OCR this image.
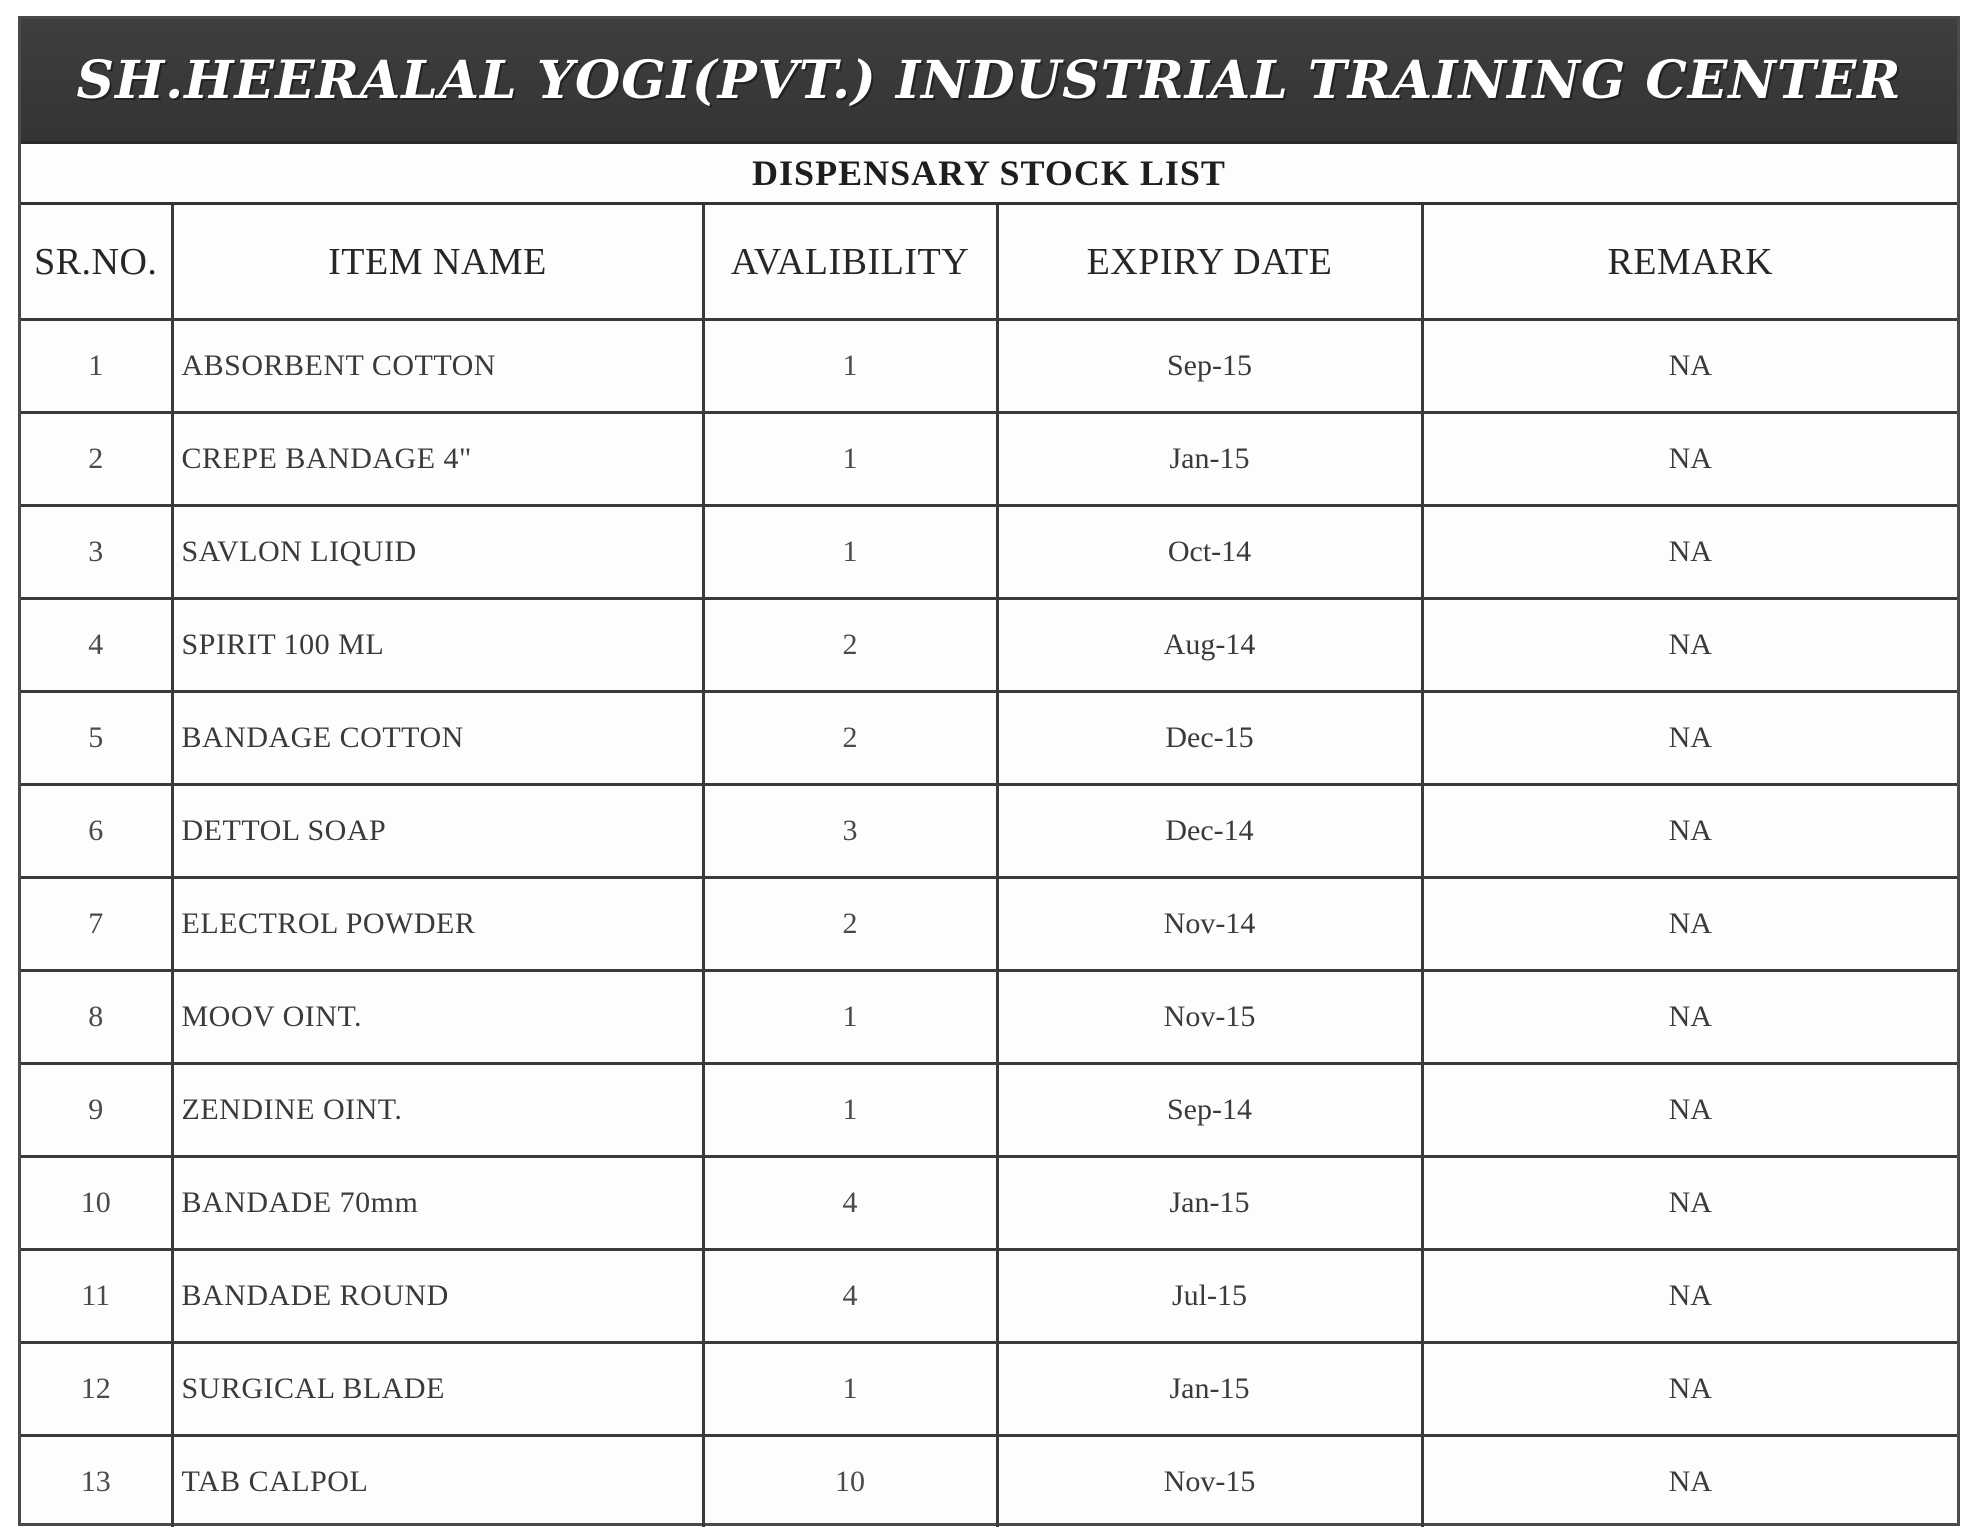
SH.HEERALAL YOGI(PVT.) INDUSTRIAL TRAINING CENTER
DISPENSARY STOCK LIST
SR.NO.	ITEM NAME	AVALIBILITY	EXPIRY DATE	REMARK
1	ABSORBENT COTTON	1	Sep-15	NA
2	CREPE BANDAGE 4"	1	Jan-15	NA
3	SAVLON LIQUID	1	Oct-14	NA
4	SPIRIT 100 ML	2	Aug-14	NA
5	BANDAGE COTTON	2	Dec-15	NA
6	DETTOL SOAP	3	Dec-14	NA
7	ELECTROL POWDER	2	Nov-14	NA
8	MOOV OINT.	1	Nov-15	NA
9	ZENDINE OINT.	1	Sep-14	NA
10	BANDADE 70mm	4	Jan-15	NA
11	BANDADE ROUND	4	Jul-15	NA
12	SURGICAL BLADE	1	Jan-15	NA
13	TAB CALPOL	10	Nov-15	NA
